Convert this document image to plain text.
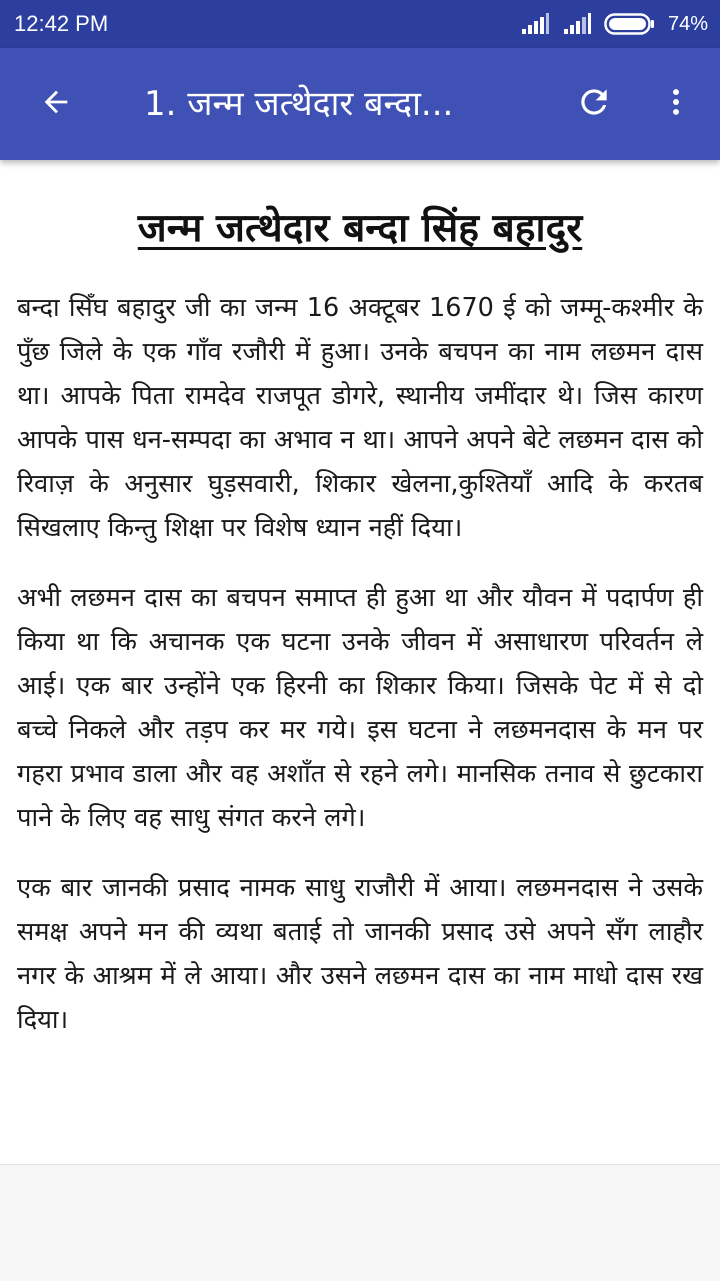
12:42 PM	74%
1. जन्म जत्थेदार बन्दा...
जन्म जत्थेदार बन्दा सिंह बहादुर

बन्दा सिँघ बहादुर जी का जन्म 16 अक्टूबर 1670 ई को जम्मू-कश्मीर के पुँछ जिले के एक गाँव रजौरी में हुआ। उनके बचपन का नाम लछमन दास था। आपके पिता रामदेव राजपूत डोगरे, स्थानीय जमींदार थे। जिस कारण आपके पास धन-सम्पदा का अभाव न था। आपने अपने बेटे लछमन दास को रिवाज़ के अनुसार घुड़सवारी, शिकार खेलना,कुश्तियाँ आदि के करतब सिखलाए किन्तु शिक्षा पर विशेष ध्यान नहीं दिया।

अभी लछमन दास का बचपन समाप्त ही हुआ था और यौवन में पदार्पण ही किया था कि अचानक एक घटना उनके जीवन में असाधारण परिवर्तन ले आई। एक बार उन्होंने एक हिरनी का शिकार किया। जिसके पेट में से दो बच्चे निकले और तड़प कर मर गये। इस घटना ने लछमनदास के मन पर गहरा प्रभाव डाला और वह अशाँत से रहने लगे। मानसिक तनाव से छुटकारा पाने के लिए वह साधु संगत करने लगे।

एक बार जानकी प्रसाद नामक साधु राजौरी में आया। लछमनदास ने उसके समक्ष अपने मन की व्यथा बताई तो जानकी प्रसाद उसे अपने सँग लाहौर नगर के आश्रम में ले आया। और उसने लछमन दास का नाम माधो दास रख दिया।
